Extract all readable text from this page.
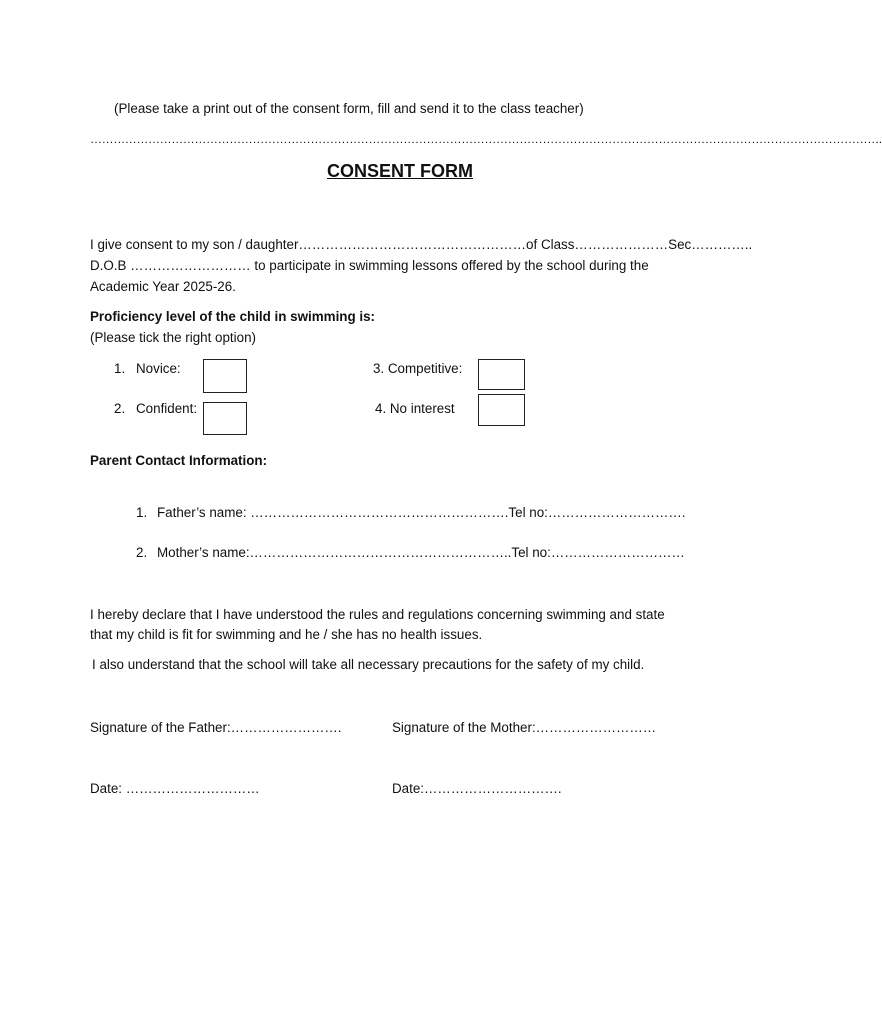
(Please take a print out of the consent form, fill and send it to the class teacher)
…………………………………………………………………………………………………………………………………………………………………………………….
CONSENT FORM
I give consent to my son / daughter……………………………………………of Class…………………Sec…………..
D.O.B ……………………… to participate in swimming lessons offered by the school during the
Academic Year 2025-26.
Proficiency level of the child in swimming is:
(Please tick the right option)
1. Novice:
2. Confident:
3. Competitive:
4. No interest
Parent Contact Information:
1. Father’s name: ………………………………………………….Tel no:………………………….
2. Mother’s name:…………………………………………………..Tel no:…………………………
I hereby declare that I have understood the rules and regulations concerning swimming and state
that my child is fit for swimming and he / she has no health issues.
I also understand that the school will take all necessary precautions for the safety of my child.
Signature of the Father:…………………….	Signature of the Mother:………………………
Date: …………………………	Date:………………………….
